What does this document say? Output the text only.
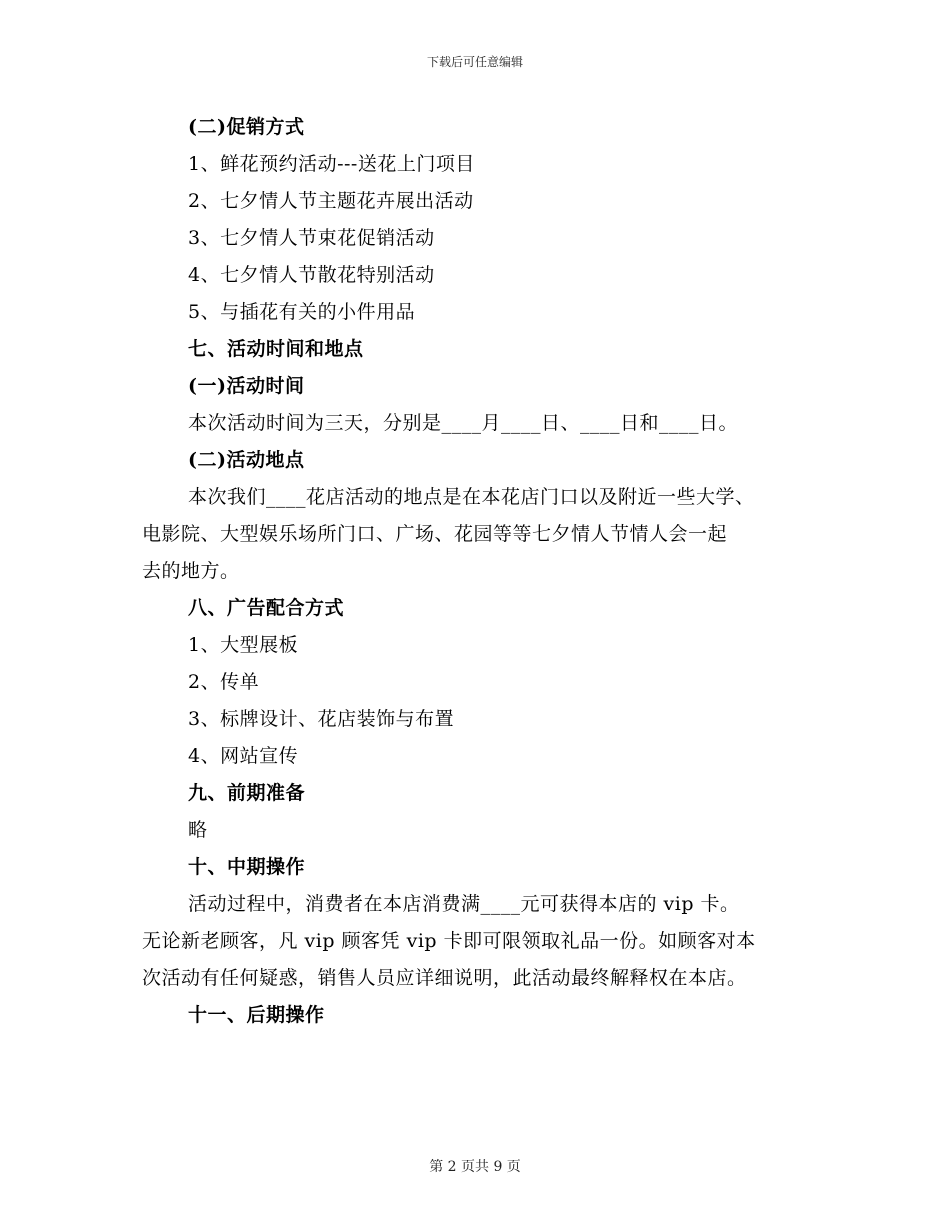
下载后可任意编辑
(二)促销方式
1、鲜花预约活动---送花上门项目
2、七夕情人节主题花卉展出活动
3、七夕情人节束花促销活动
4、七夕情人节散花特别活动
5、与插花有关的小件用品
七、活动时间和地点
(一)活动时间
本次活动时间为三天，分别是____月____日、____日和____日。
(二)活动地点
本次我们____花店活动的地点是在本花店门口以及附近一些大学、
电影院、大型娱乐场所门口、广场、花园等等七夕情人节情人会一起
去的地方。
八、广告配合方式
1、大型展板
2、传单
3、标牌设计、花店装饰与布置
4、网站宣传
九、前期准备
略
十、中期操作
活动过程中，消费者在本店消费满____元可获得本店的 vip 卡。
无论新老顾客，凡 vip 顾客凭 vip 卡即可限领取礼品一份。如顾客对本
次活动有任何疑惑，销售人员应详细说明，此活动最终解释权在本店。
十一、后期操作
第 2 页共 9 页
